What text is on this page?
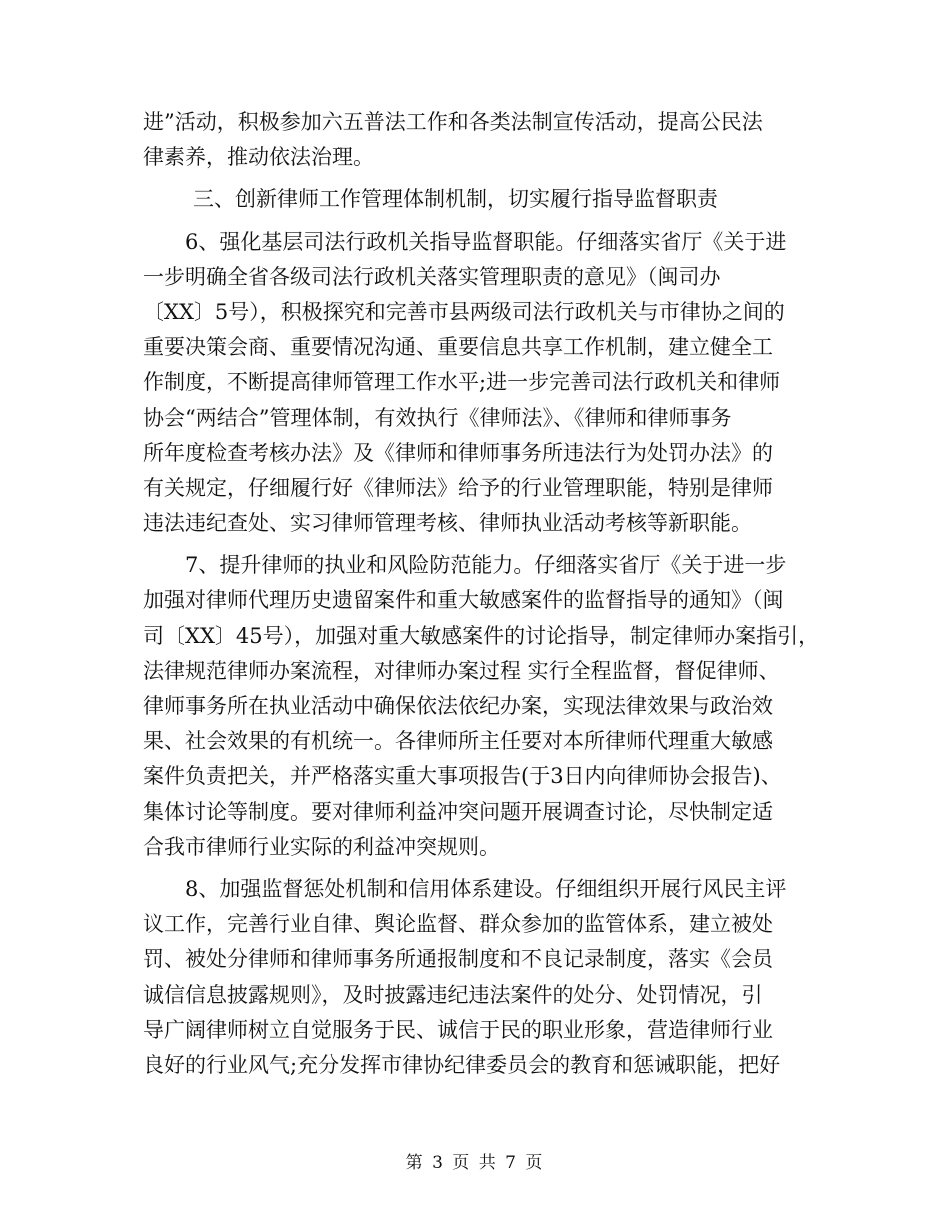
进”活动，积极参加六五普法工作和各类法制宣传活动，提高公民法
律素养，推动依法治理。
三、创新律师工作管理体制机制，切实履行指导监督职责
6、强化基层司法行政机关指导监督职能。仔细落实省厅《关于进
一步明确全省各级司法行政机关落实管理职责的意见》（闽司办
〔XX〕5号），积极探究和完善市县两级司法行政机关与市律协之间的
重要决策会商、重要情况沟通、重要信息共享工作机制，建立健全工
作制度，不断提高律师管理工作水平;进一步完善司法行政机关和律师
协会“两结合”管理体制，有效执行《律师法》、《律师和律师事务
所年度检查考核办法》及《律师和律师事务所违法行为处罚办法》的
有关规定，仔细履行好《律师法》给予的行业管理职能，特别是律师
违法违纪查处、实习律师管理考核、律师执业活动考核等新职能。
7、提升律师的执业和风险防范能力。仔细落实省厅《关于进一步
加强对律师代理历史遗留案件和重大敏感案件的监督指导的通知》（闽
司〔XX〕45号），加强对重大敏感案件的讨论指导，制定律师办案指引，
法律规范律师办案流程，对律师办案过程 实行全程监督，督促律师、
律师事务所在执业活动中确保依法依纪办案，实现法律效果与政治效
果、社会效果的有机统一。各律师所主任要对本所律师代理重大敏感
案件负责把关，并严格落实重大事项报告(于3日内向律师协会报告)、
集体讨论等制度。要对律师利益冲突问题开展调查讨论，尽快制定适
合我市律师行业实际的利益冲突规则。
8、加强监督惩处机制和信用体系建设。仔细组织开展行风民主评
议工作，完善行业自律、舆论监督、群众参加的监管体系，建立被处
罚、被处分律师和律师事务所通报制度和不良记录制度，落实《会员
诚信信息披露规则》，及时披露违纪违法案件的处分、处罚情况，引
导广阔律师树立自觉服务于民、诚信于民的职业形象，营造律师行业
良好的行业风气;充分发挥市律协纪律委员会的教育和惩诫职能，把好
第 3 页 共 7 页
